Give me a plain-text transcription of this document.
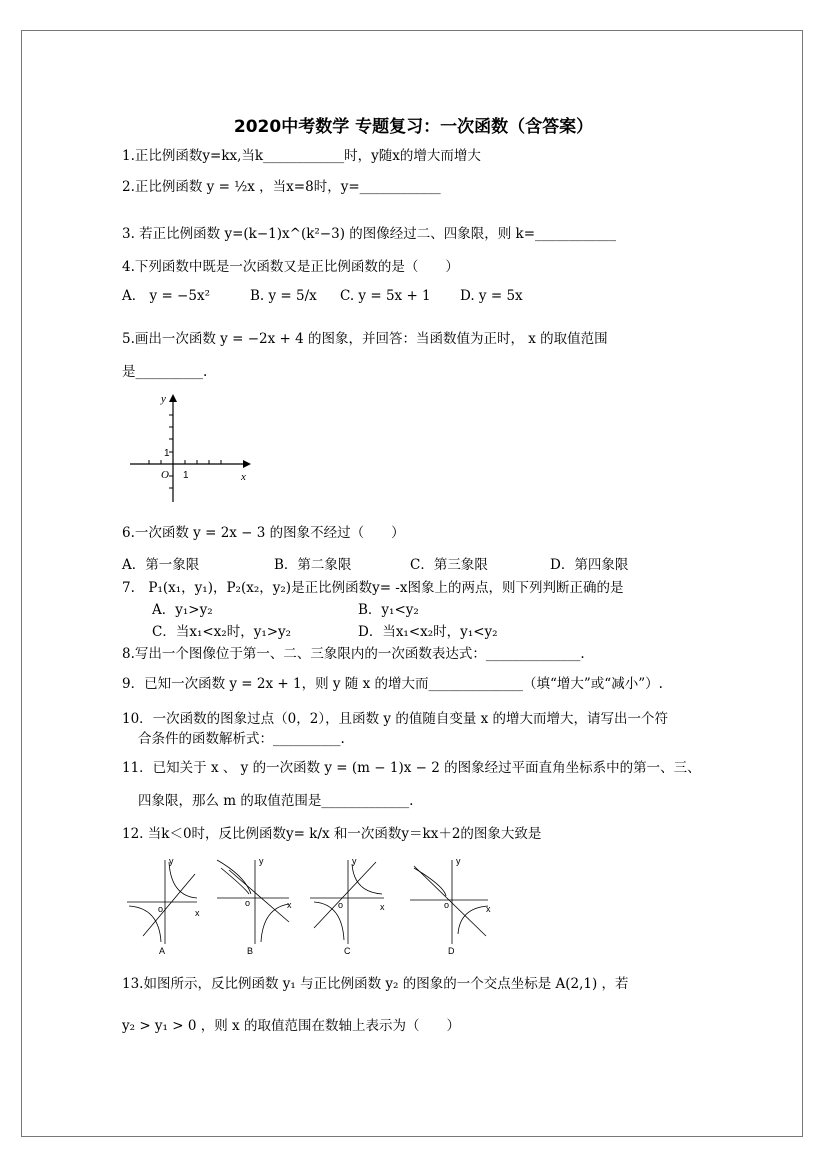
2020中考数学 专题复习：一次函数（含答案）
1.正比例函数y=kx,当k____________时，y随x的增大而增大
2.正比例函数 y = ½x ，当x=8时，y=____________
3. 若正比例函数 y=(k−1)x^(k²−3) 的图像经过二、四象限，则 k=____________
4.下列函数中既是一次函数又是正比例函数的是（　　）
A． y = −5x²	B. y = 5/x C. y = 5x + 1 D. y = 5x
5.画出一次函数 y = −2x + 4 的图象，并回答：当函数值为正时， x 的取值范围
是__________.
y
x
O
1
1
6.一次函数 y = 2x − 3 的图象不经过（　　）
A．第一象限	B．第二象限	C．第三象限	D．第四象限
7.　P₁(x₁，y₁)，P₂(x₂，y₂)是正比例函数y= -x图象上的两点，则下列判断正确的是
A．y₁>y₂	B．y₁<y₂
C．当x₁<x₂时，y₁>y₂	D．当x₁<x₂时，y₁<y₂
8.写出一个图像位于第一、二、三象限内的一次函数表达式：______________.
9．已知一次函数 y = 2x + 1，则 y 随 x 的增大而______________（填“增大”或“减小”）.
10．一次函数的图象过点（0，2），且函数 y 的值随自变量 x 的增大而增大，请写出一个符
合条件的函数解析式：__________.
11．已知关于 x 、 y 的一次函数 y = (m − 1)x − 2 的图象经过平面直角坐标系中的第一、三、
四象限，那么 m 的取值范围是_____________.
12. 当k＜0时，反比例函数y= k/x 和一次函数y＝kx＋2的图象大致是
y
x
o
A
y
x
o
B
y
x
o
C
y
x
o
D
13.如图所示，反比例函数 y₁ 与正比例函数 y₂ 的图象的一个交点坐标是 A(2,1) ，若
y₂ > y₁ > 0 ，则 x 的取值范围在数轴上表示为（　　）
